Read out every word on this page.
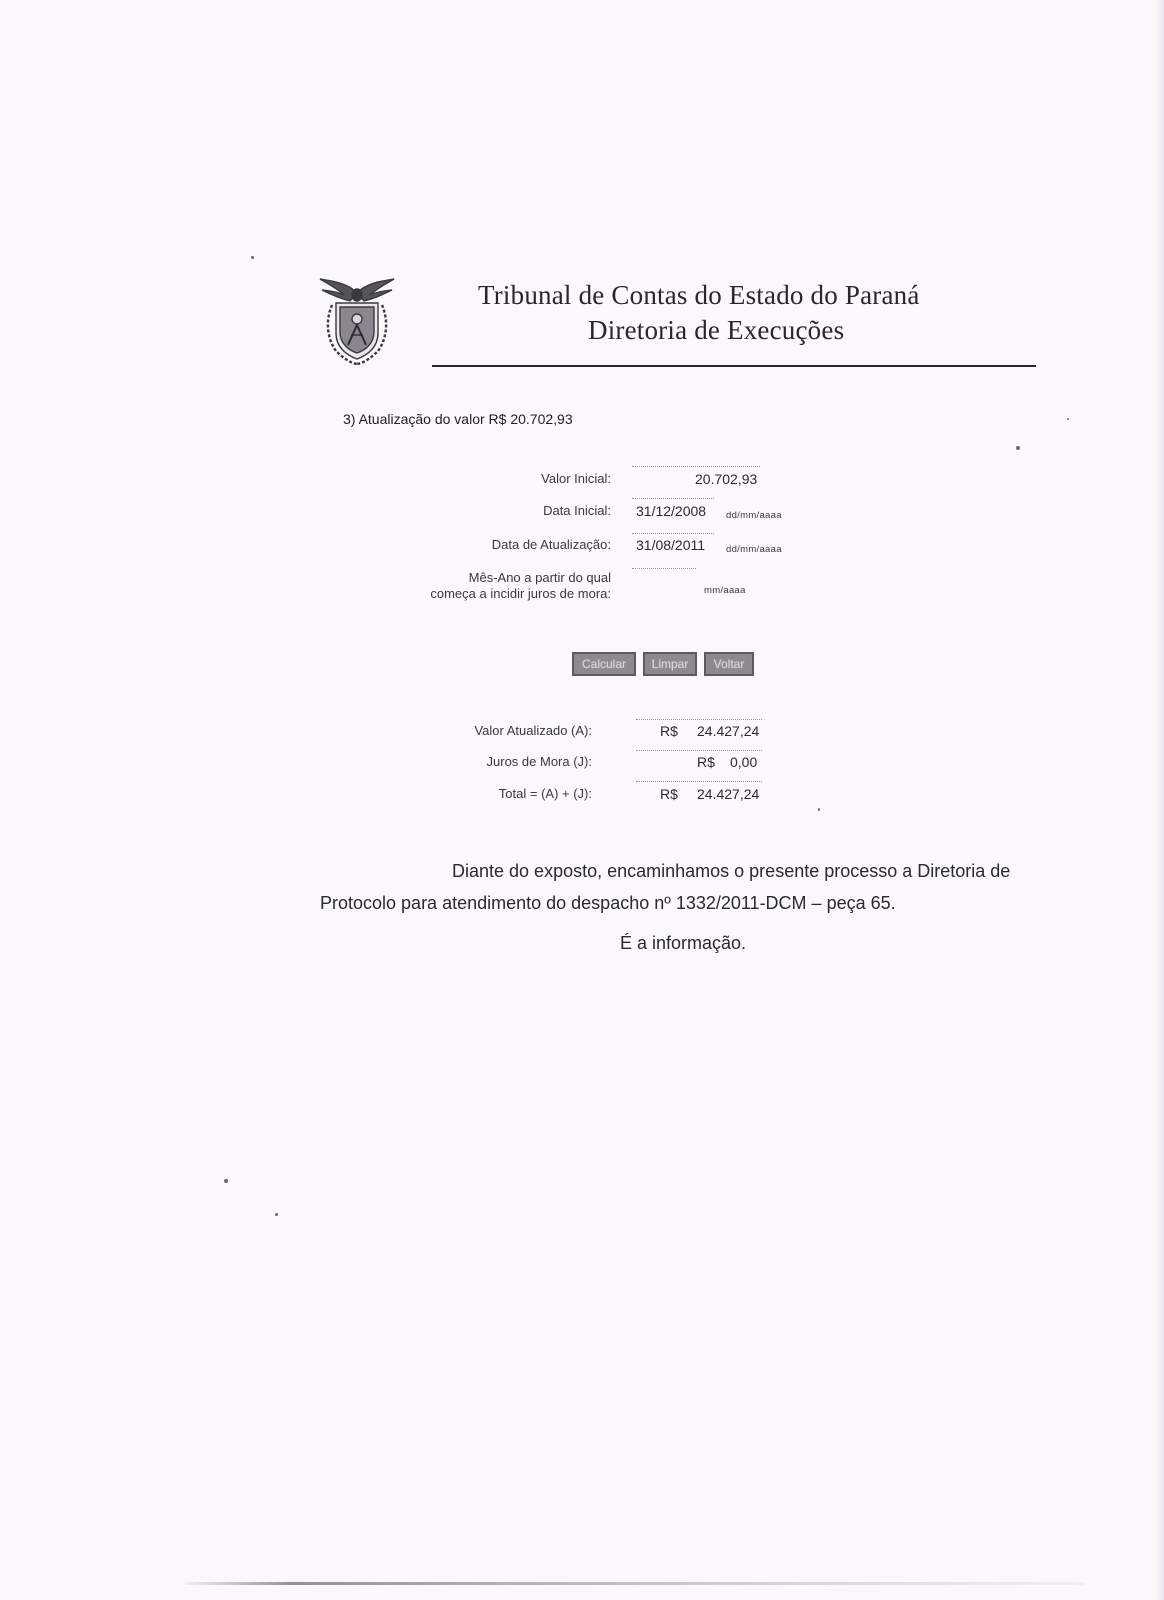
Tribunal de Contas do Estado do Paraná
Diretoria de Execuções
3) Atualização do valor R$ 20.702,93
Valor Inicial:	20.702,93
Data Inicial: 31/12/2008 dd/mm/aaaa
Data de Atualização: 31/08/2011 dd/mm/aaaa
Mês-Ano a partir do qual
começa a incidir juros de mora:	mm/aaaa
Calcular	Limpar	Voltar
Valor Atualizado (A):	R$ 24.427,24
Juros de Mora (J):	R$ 0,00
Total = (A) + (J):	R$ 24.427,24
Diante do exposto, encaminhamos o presente processo a Diretoria de
Protocolo para atendimento do despacho nº 1332/2011-DCM – peça 65.
É a informação.
